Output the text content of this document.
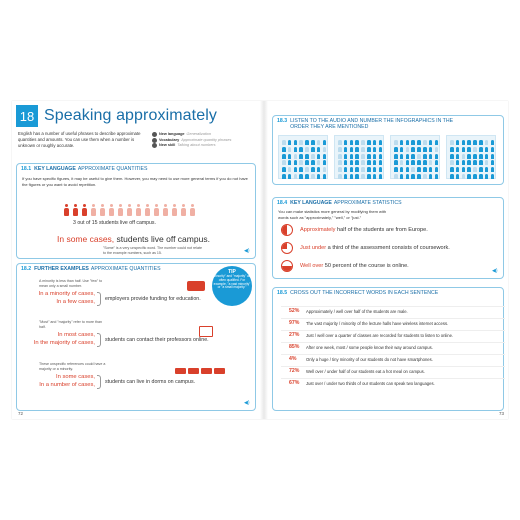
18 Speaking approximately
English has a number of useful phrases to describe approximate quantities and amounts. You can use them when a number is unknown or roughly accurate.
New language Generalization
Vocabulary Approximate quantity phrases
New skill Talking about numbers
18.1 KEY LANGUAGE APPROXIMATE QUANTITIES
If you have specific figures, it may be useful to give them. However, you may need to use more general terms if you do not have the figures or you want to avoid repetition.
3 out of 15 students live off campus.
In some cases, students live off campus.
"Some" is a very unspecific word. The number could not relate to the example numbers, such as 15.	◀)
18.2 FURTHER EXAMPLES APPROXIMATE QUANTITIES
A minority is less than half. Use "few" to mean only a small number.
In a minority of cases,
In a few cases, employers provide funding for education.
"Most" and "majority" refer to more than half.
In most cases,
In the majority of cases, students can contact their professors online.
These unspecific references could have a majority or a minority.
In some cases,
In a number of cases, students can live in dorms on campus.
◀)
TIP
"Minority" and "majority" are often qualified. For example, "a vast minority" or "a small majority."
72
18.3 LISTEN TO THE AUDIO AND NUMBER THE INFOGRAPHICS IN THE ORDER THEY ARE MENTIONED
18.4 KEY LANGUAGE APPROXIMATE STATISTICS
You can make statistics more general by modifying them with words such as "approximately," "well," or "just."
Approximately half of the students are from Europe.
Just under a third of the assessment consists of coursework.
Well over 50 percent of the course is online.
◀)
18.5 CROSS OUT THE INCORRECT WORDS IN EACH SENTENCE
52%	Approximately / well over half of the students are male.
97%	The vast majority / minority of the lecture halls have wireless internet access.
27%	Just / well over a quarter of classes are recorded for students to listen to online.
85%	After one week, most / some people know their way around campus.
4%	Only a huge / tiny minority of our students do not have smartphones.
72%	Well over / under half of our students eat a hot meal on campus.
67%	Just over / under two thirds of our students can speak two languages.
73
